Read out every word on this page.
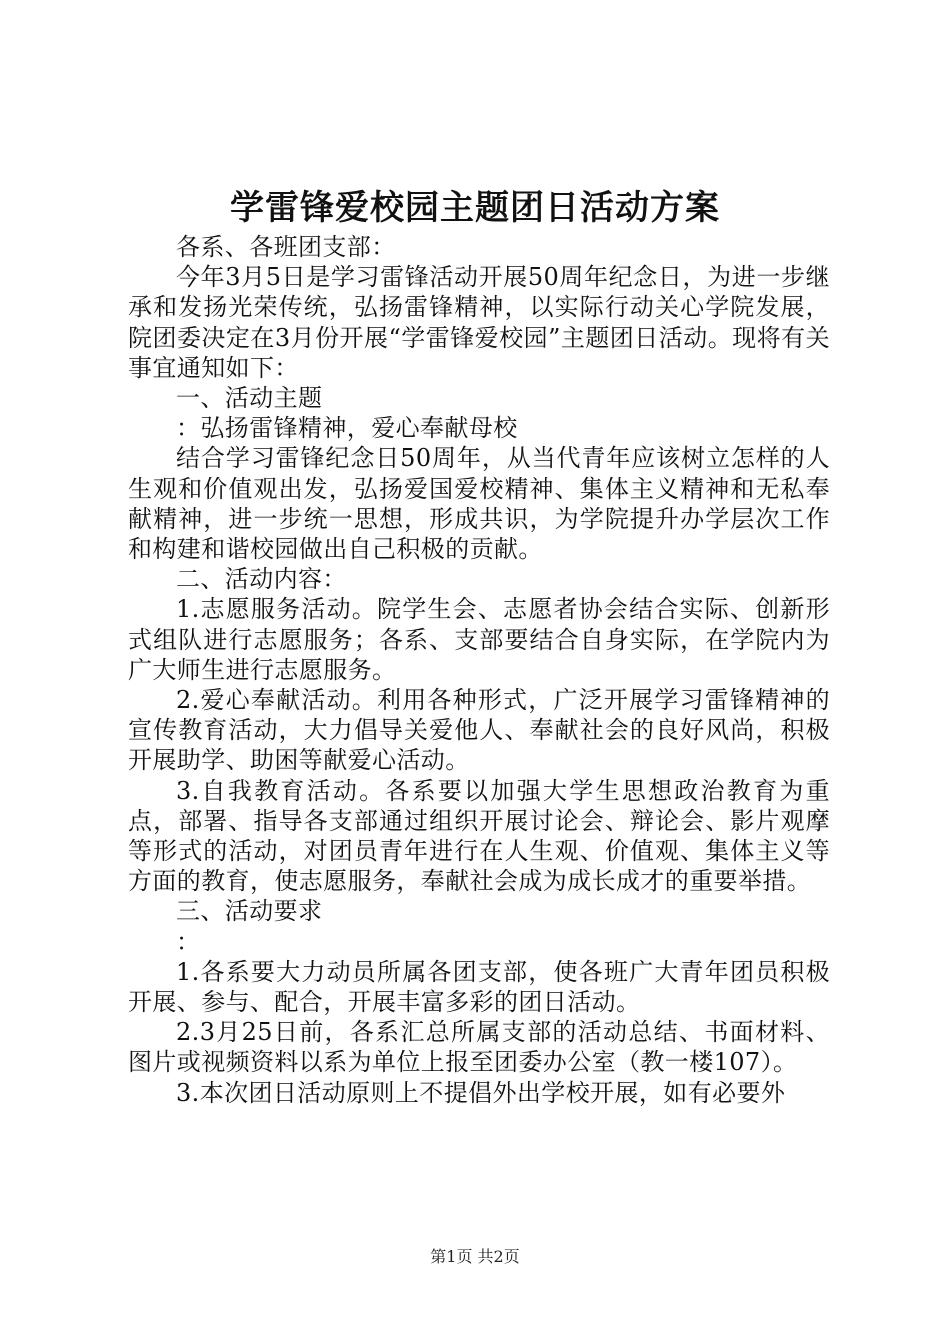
学雷锋爱校园主题团日活动方案

各系、各班团支部：

今年3月5日是学习雷锋活动开展50周年纪念日，为进一步继承和发扬光荣传统，弘扬雷锋精神，以实际行动关心学院发展，院团委决定在3月份开展“学雷锋爱校园”主题团日活动。现将有关事宜通知如下：

一、活动主题

：弘扬雷锋精神，爱心奉献母校

结合学习雷锋纪念日50周年，从当代青年应该树立怎样的人生观和价值观出发，弘扬爱国爱校精神、集体主义精神和无私奉献精神，进一步统一思想，形成共识，为学院提升办学层次工作和构建和谐校园做出自己积极的贡献。

二、活动内容：

1.志愿服务活动。院学生会、志愿者协会结合实际、创新形式组队进行志愿服务；各系、支部要结合自身实际，在学院内为广大师生进行志愿服务。

2.爱心奉献活动。利用各种形式，广泛开展学习雷锋精神的宣传教育活动，大力倡导关爱他人、奉献社会的良好风尚，积极开展助学、助困等献爱心活动。

3.自我教育活动。各系要以加强大学生思想政治教育为重点，部署、指导各支部通过组织开展讨论会、辩论会、影片观摩等形式的活动，对团员青年进行在人生观、价值观、集体主义等方面的教育，使志愿服务，奉献社会成为成长成才的重要举措。

三、活动要求

：

1.各系要大力动员所属各团支部，使各班广大青年团员积极开展、参与、配合，开展丰富多彩的团日活动。

2.3月25日前，各系汇总所属支部的活动总结、书面材料、图片或视频资料以系为单位上报至团委办公室（教一楼107）。

3.本次团日活动原则上不提倡外出学校开展，如有必要外

第1页 共2页
